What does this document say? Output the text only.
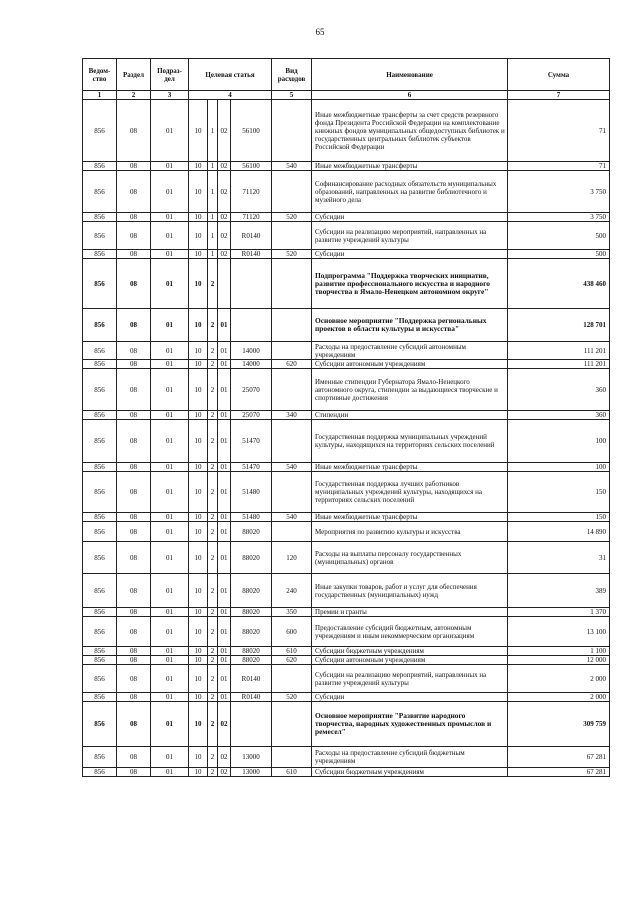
65
Ведом-ство	Раздел	Подраз-дел	Целевая статья				Вид расходов	Наименование	Сумма
1	2	3	4				5	6	7
856	08	01	10	1	02	56100		Иные межбюджетные трансферты за счет средств резервного фонда Президента Российской Федерации на комплектование книжных фондов муниципальных общедоступных библиотек и государственных центральных библиотек субъектов Российской Федерации	71
856	08	01	10	1	02	56100	540	Иные межбюджетные трансферты	71
856	08	01	10	1	02	71120		Софинансирование расходных обязательств муниципальных образований, направленных на развитие библиотечного и музейного дела	3 750
856	08	01	10	1	02	71120	520	Субсидии	3 750
856	08	01	10	1	02	R0140		Субсидии на реализацию мероприятий, направленных на развитие учреждений культуры	500
856	08	01	10	1	02	R0140	520	Субсидии	500
856	08	01	10	2				Подпрограмма "Поддержка творческих инициатив, развитие профессионального искусства и народного творчества в Ямало-Ненецком автономном округе"	438 460
856	08	01	10	2	01			Основное мероприятие "Поддержка региональных проектов в области культуры и искусства"	128 701
856	08	01	10	2	01	14000		Расходы на предоставление субсидий автономным учреждениям	111 201
856	08	01	10	2	01	14000	620	Субсидии автономным учреждениям	111 201
856	08	01	10	2	01	25070		Именные стипендии Губернатора Ямало-Ненецкого автономного округа, стипендии за выдающиеся творческие и спортивные достижения	360
856	08	01	10	2	01	25070	340	Стипендии	360
856	08	01	10	2	01	51470		Государственная поддержка муниципальных учреждений культуры, находящихся на территориях сельских поселений	100
856	08	01	10	2	01	51470	540	Иные межбюджетные трансферты	100
856	08	01	10	2	01	51480		Государственная поддержка лучших работников муниципальных учреждений культуры, находящихся на территориях сельских поселений	150
856	08	01	10	2	01	51480	540	Иные межбюджетные трансферты	150
856	08	01	10	2	01	88020		Мероприятия по развитию культуры и искусства	14 890
856	08	01	10	2	01	88020	120	Расходы на выплаты персоналу государственных (муниципальных) органов	31
856	08	01	10	2	01	88020	240	Иные закупки товаров, работ и услуг для обеспечения государственных (муниципальных) нужд	389
856	08	01	10	2	01	88020	350	Премии и гранты	1 370
856	08	01	10	2	01	88020	600	Предоставление субсидий бюджетным, автономным учреждениям и иным некоммерческим организациям	13 100
856	08	01	10	2	01	88020	610	Субсидии бюджетным учреждениям	1 100
856	08	01	10	2	01	88020	620	Субсидии автономным учреждениям	12 000
856	08	01	10	2	01	R0140		Субсидии на реализацию мероприятий, направленных на развитие учреждений культуры	2 000
856	08	01	10	2	01	R0140	520	Субсидии	2 000
856	08	01	10	2	02			Основное мероприятие "Развитие народного творчества, народных художественных промыслов и ремесел"	309 759
856	08	01	10	2	02	13000		Расходы на предоставление субсидий бюджетным учреждениям	67 281
856	08	01	10	2	02	13000	610	Субсидии бюджетным учреждениям	67 281
